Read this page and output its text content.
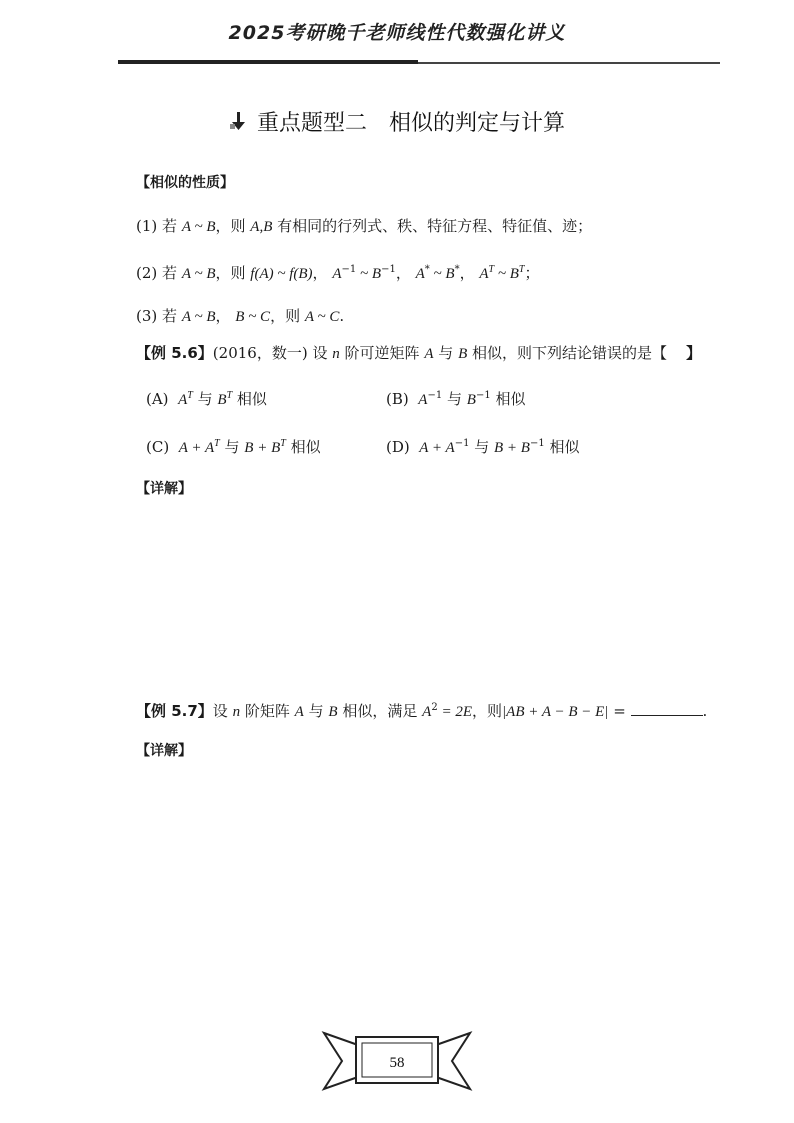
2025考研晚千老师线性代数强化讲义
重点题型二 相似的判定与计算
【相似的性质】
(1) 若 A ~ B，则 A,B 有相同的行列式、秩、特征方程、特征值、迹；
(2) 若 A ~ B，则 f(A) ~ f(B)， $A^{-1}$ ~ $B^{-1}$， A* ~ B*， $A^T$ ~ $B^T$；
(3) 若 A ~ B， B ~ C，则 A ~ C.
【例 5.6】(2016，数一) 设 n 阶可逆矩阵 A 与 B 相似，则下列结论错误的是【 】
(A) $A^T$ 与 $B^T$ 相似	(B) $A^{-1}$ 与 $B^{-1}$ 相似
(C) $A + A^T$ 与 $B + B^T$ 相似	(D) $A + A^{-1}$ 与 $B + B^{-1}$ 相似
【详解】
【例 5.7】设 n 阶矩阵 A 与 B 相似，满足 $A^2 = 2E$，则|AB + A − B − E| =	.
【详解】
58
